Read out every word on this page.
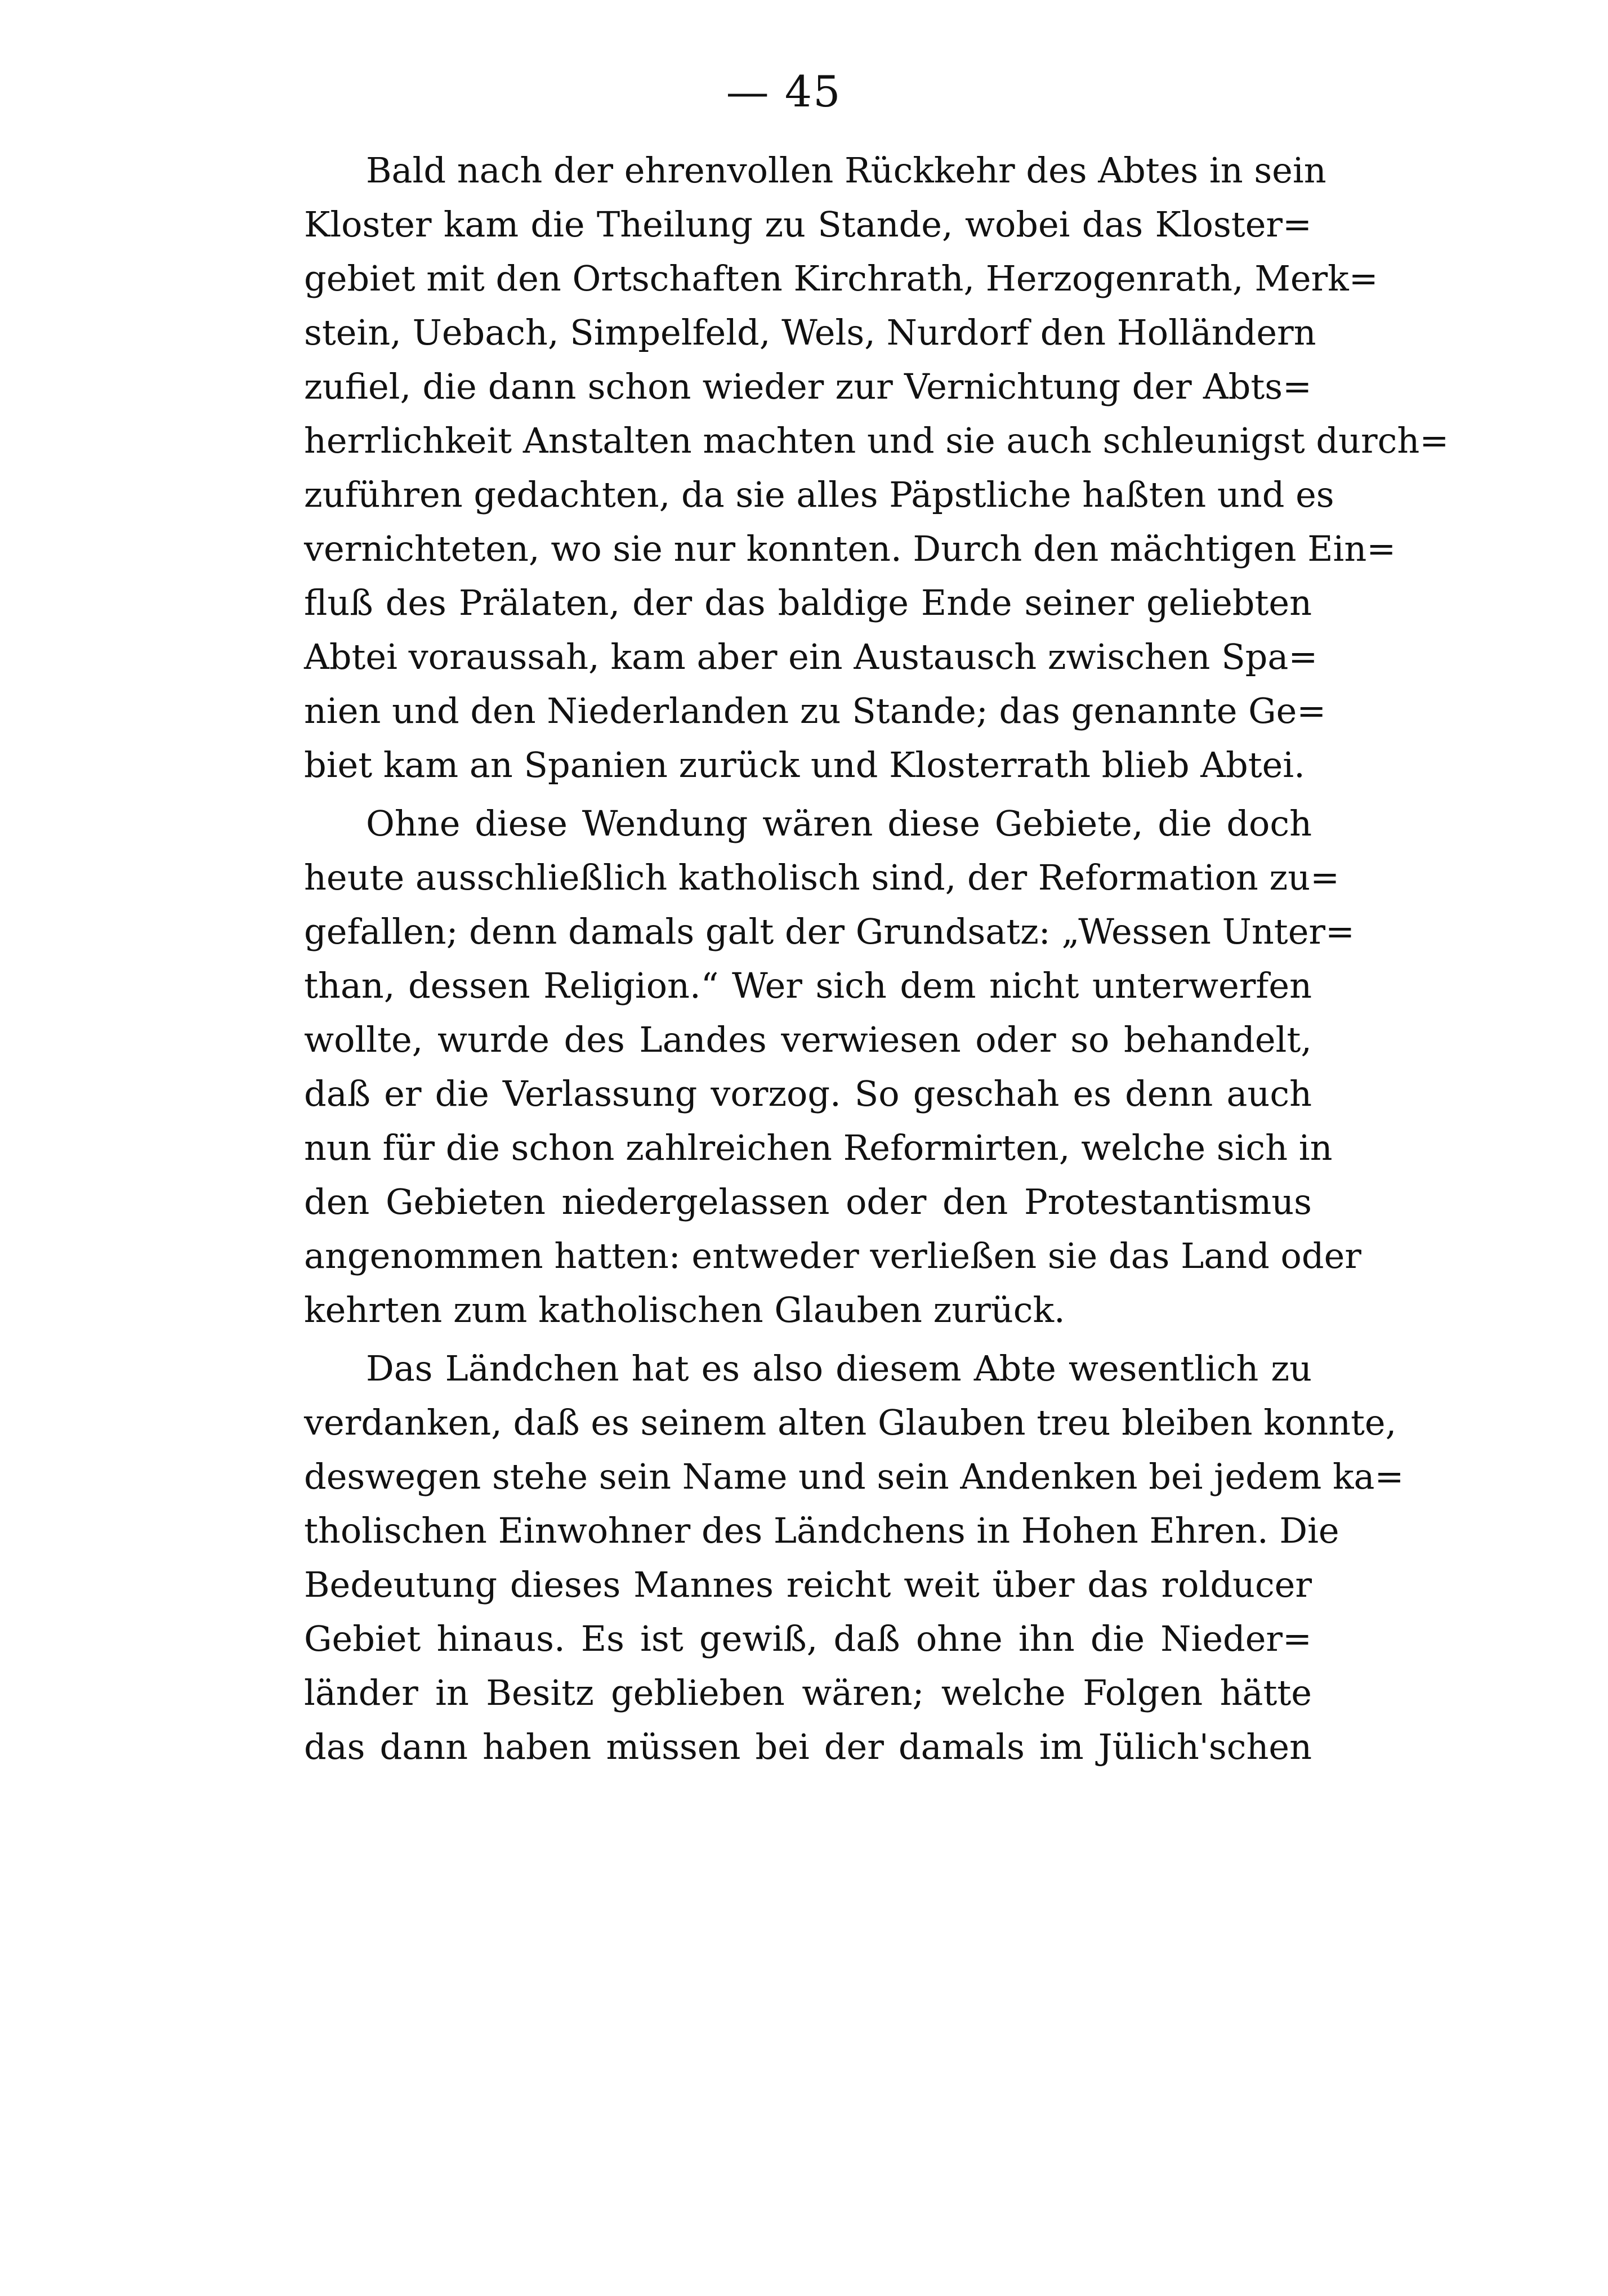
— 45
Bald nach der ehrenvollen Rückkehr des Abtes in sein
Kloster kam die Theilung zu Stande, wobei das Kloster=
gebiet mit den Ortschaften Kirchrath, Herzogenrath, Merk=
stein, Uebach, Simpelfeld, Wels, Nurdorf den Holländern
zufiel, die dann schon wieder zur Vernichtung der Abts=
herrlichkeit Anstalten machten und sie auch schleunigst durch=
zuführen gedachten, da sie alles Päpstliche haßten und es
vernichteten, wo sie nur konnten. Durch den mächtigen Ein=
fluß des Prälaten, der das baldige Ende seiner geliebten
Abtei voraussah, kam aber ein Austausch zwischen Spa=
nien und den Niederlanden zu Stande; das genannte Ge=
biet kam an Spanien zurück und Klosterrath blieb Abtei.
Ohne diese Wendung wären diese Gebiete, die doch
heute ausschließlich katholisch sind, der Reformation zu=
gefallen; denn damals galt der Grundsatz: „Wessen Unter=
than, dessen Religion.“ Wer sich dem nicht unterwerfen
wollte, wurde des Landes verwiesen oder so behandelt,
daß er die Verlassung vorzog. So geschah es denn auch
nun für die schon zahlreichen Reformirten, welche sich in
den Gebieten niedergelassen oder den Protestantismus
angenommen hatten: entweder verließen sie das Land oder
kehrten zum katholischen Glauben zurück.
Das Ländchen hat es also diesem Abte wesentlich zu
verdanken, daß es seinem alten Glauben treu bleiben konnte,
deswegen stehe sein Name und sein Andenken bei jedem ka=
tholischen Einwohner des Ländchens in Hohen Ehren. Die
Bedeutung dieses Mannes reicht weit über das rolducer
Gebiet hinaus. Es ist gewiß, daß ohne ihn die Nieder=
länder in Besitz geblieben wären; welche Folgen hätte
das dann haben müssen bei der damals im Jülich'schen
